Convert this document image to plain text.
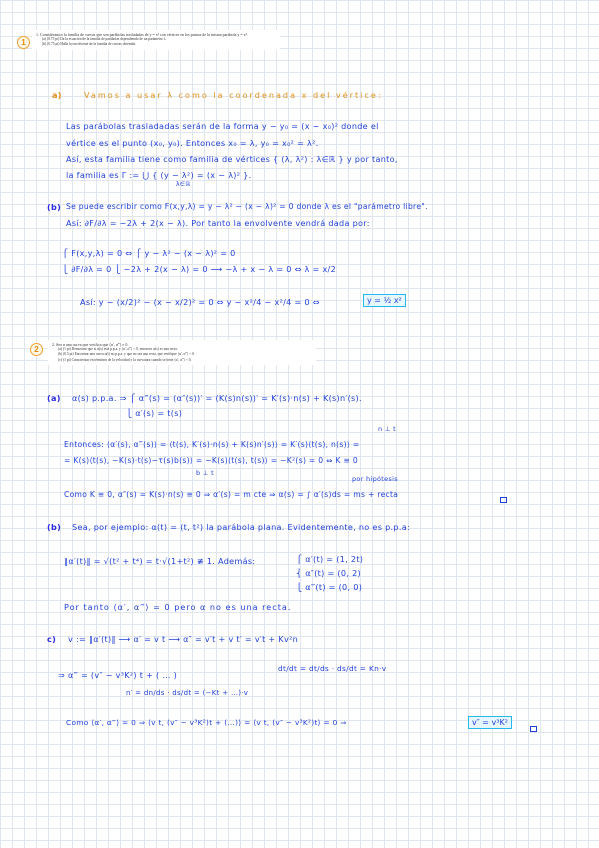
1

1. Consideramos la familia de curvas que son parábolas trasladadas de y = x² con vértices en los puntos de la misma parábola y = x².

(a) (0.75 pt) Da la ecuación de la familia de parábolas dependiendo de un parámetro λ.

(b) (0.75 pt) Halla la envolvente de la familia de curvas obtenida.

a)	Vamos a usar λ como la coordenada x del vértice:
Las parábolas trasladadas serán de la forma y − y₀ = (x − x₀)² donde el
vértice es el punto (x₀, y₀). Entonces x₀ = λ, y₀ = x₀² = λ².
Así, esta familia tiene como familia de vértices { (λ, λ²) : λ∈ℝ } y por tanto,
la familia es Γ := ⋃ { (y − λ²) = (x − λ)² }.
λ∈ℝ
(b) Se puede escribir como F(x,y,λ) = y − λ² − (x − λ)² = 0 donde λ es el "parámetro libre".
Así: ∂F/∂λ = −2λ + 2(x − λ). Por tanto la envolvente vendrá dada por:
⎧ F(x,y,λ) = 0 ⇔ ⎧ y − λ² − (x − λ)² = 0
⎩ ∂F/∂λ = 0 ⎩ −2λ + 2(x − λ) = 0 ⟶ −λ + x − λ = 0 ⇔ λ = x/2
Así: y − (x/2)² − (x − x/2)² = 0 ⇔ y − x²/4 − x²/4 = 0 ⇔	y = ½ x²
2

2. Sea α una curva que verifica que ⟨α′, α‴⟩ ≡ 0.

(a) (1 pt) Demostrar que si α(s) está p.p.a. y ⟨α′, α‴⟩ ≡ 0, entonces α(s) es una recta.

(b) (0.5 pt) Encontrar una curva α(t) no p.p.a. y que no sea una recta, que verifique ⟨α′, α‴⟩ ≡ 0.

(c) (1 pt) Caracterizar en términos de la velocidad y la curvatura cuando se tiene ⟨α′, α‴⟩ ≡ 0.

(a) α(s) p.p.a. ⇒ ⎧ α‴(s) = (α″(s))′ = (K(s)n(s))′ = K′(s)·n(s) + K(s)n′(s).
⎩ α′(s) = t(s)
n ⊥ t
Entonces: ⟨α′(s), α‴(s)⟩ = ⟨t(s), K′(s)·n(s) + K(s)n′(s)⟩ = K′(s)⟨t(s), n(s)⟩ =
= K(s)⟨t(s), −K(s)·t(s)−τ(s)b(s)⟩ = −K(s)⟨t(s), t(s)⟩ = −K²(s) = 0 ⇔ K ≡ 0
b ⊥ t
por hipótesis
Como K ≡ 0, α″(s) = K(s)·n(s) ≡ 0 ⇒ α′(s) = m cte ⇒ α(s) = ∫ α′(s)ds = ms + recta
(b) Sea, por ejemplo: α(t) = (t, t²) la parábola plana. Evidentemente, no es p.p.a:
‖α′(t)‖ = √(t² + t⁴) = t·√(1+t²) ≢ 1. Además:	⎧ α′(t) = (1, 2t)
⎨ α″(t) = (0, 2)
⎩ α‴(t) = (0, 0)
Por tanto ⟨α′, α‴⟩ = 0 pero α no es una recta.
c) v := ‖α′(t)‖ ⟶ α′ = v t ⟶ α″ = v′t + v t′ = v′t + Kv²n
⇒ α‴ = (v″ − v³K²) t + ( … )
dt/dt = dt/ds · ds/dt = Kn·v
n′ = dn/ds · ds/dt = (−Kt + …)·v
Como ⟨α′, α‴⟩ = 0 ⇒ ⟨v t, (v″ − v³K²)t + (…)⟩ = ⟨v t, (v″ − v³K²)t⟩ = 0 ⇒	v″ = v³K²
